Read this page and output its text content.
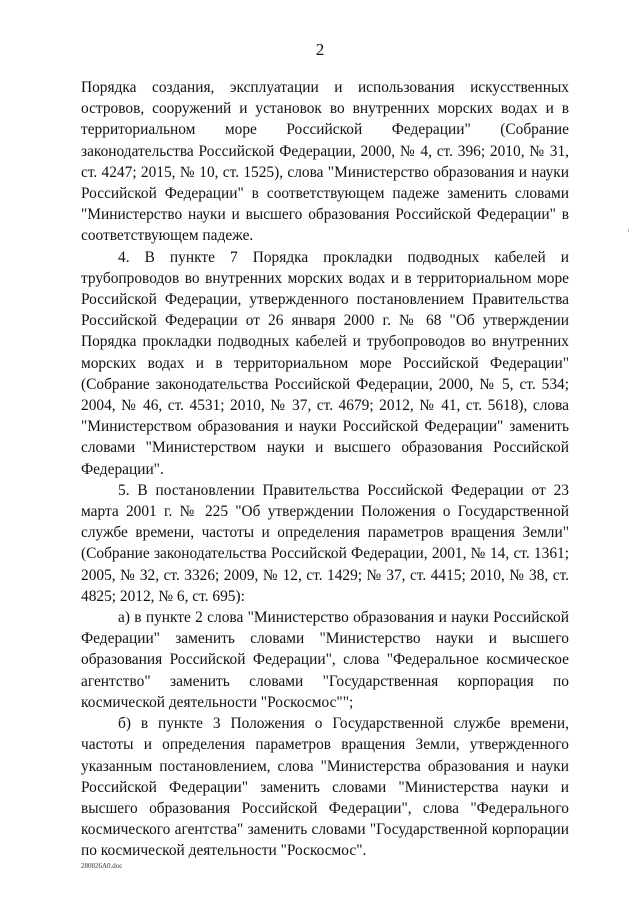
2

Порядка создания, эксплуатации и использования искусственных островов, сооружений и установок во внутренних морских водах и в территориальном море Российской Федерации" (Собрание законодательства Российской Федерации, 2000, № 4, ст. 396; 2010, № 31, ст. 4247; 2015, № 10, ст. 1525), слова "Министерство образования и науки Российской Федерации" в соответствующем падеже заменить словами "Министерство науки и высшего образования Российской Федерации" в соответствующем падеже.

4. В пункте 7 Порядка прокладки подводных кабелей и трубопроводов во внутренних морских водах и в территориальном море Российской Федерации, утвержденного постановлением Правительства Российской Федерации от 26 января 2000 г. № 68 "Об утверждении Порядка прокладки подводных кабелей и трубопроводов во внутренних морских водах и в территориальном море Российской Федерации" (Собрание законодательства Российской Федерации, 2000, № 5, ст. 534; 2004, № 46, ст. 4531; 2010, № 37, ст. 4679; 2012, № 41, ст. 5618), слова "Министерством образования и науки Российской Федерации" заменить словами "Министерством науки и высшего образования Российской Федерации".

5. В постановлении Правительства Российской Федерации от 23 марта 2001 г. № 225 "Об утверждении Положения о Государственной службе времени, частоты и определения параметров вращения Земли" (Собрание законодательства Российской Федерации, 2001, № 14, ст. 1361; 2005, № 32, ст. 3326; 2009, № 12, ст. 1429; № 37, ст. 4415; 2010, № 38, ст. 4825; 2012, № 6, ст. 695):

а) в пункте 2 слова "Министерство образования и науки Российской Федерации" заменить словами "Министерство науки и высшего образования Российской Федерации", слова "Федеральное космическое агентство" заменить словами "Государственная корпорация по космической деятельности "Роскосмос"";

б) в пункте 3 Положения о Государственной службе времени, частоты и определения параметров вращения Земли, утвержденного указанным постановлением, слова "Министерства образования и науки Российской Федерации" заменить словами "Министерства науки и высшего образования Российской Федерации", слова "Федерального космического агентства" заменить словами "Государственной корпорации по космической деятельности "Роскосмос".

280826A0.doc
